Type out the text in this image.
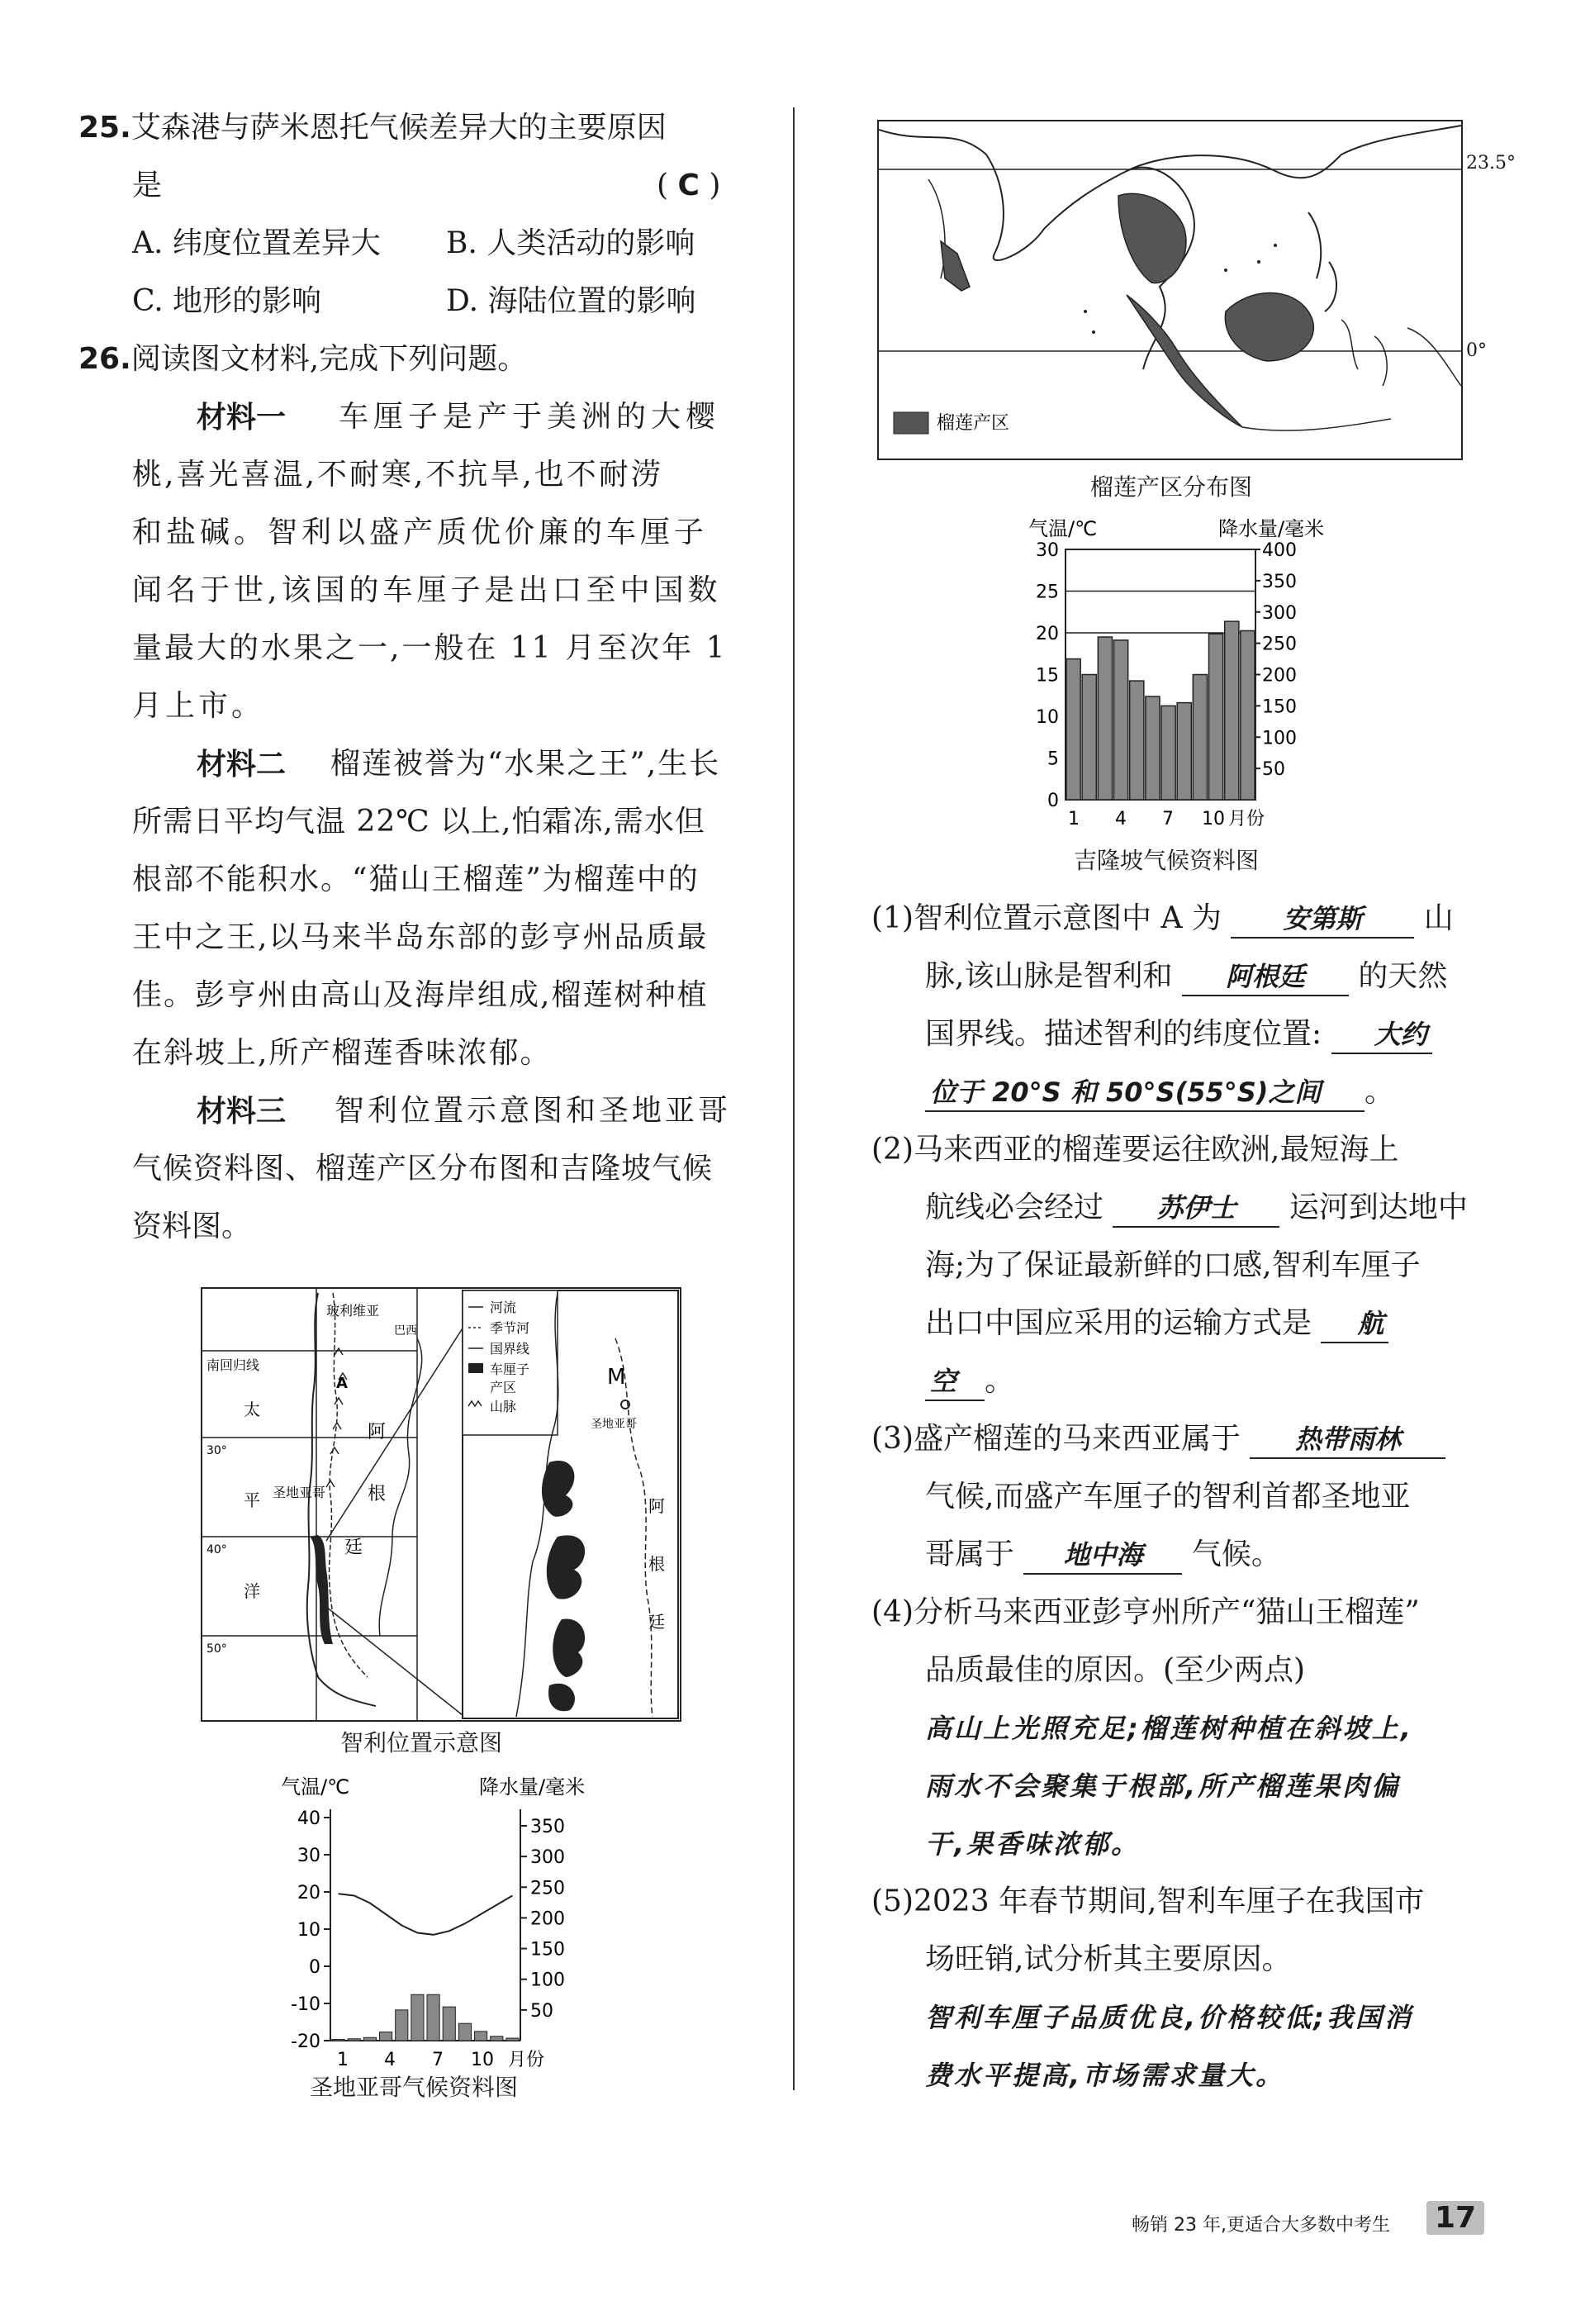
25.艾森港与萨米恩托气候差异大的主要原因
是	( C )
A. 纬度位置差异大 B. 人类活动的影响
C. 地形的影响	D. 海陆位置的影响
26.阅读图文材料,完成下列问题。
材料一 车厘子是产于美洲的大樱
桃,喜光喜温,不耐寒,不抗旱,也不耐涝
和盐碱。智利以盛产质优价廉的车厘子
闻名于世,该国的车厘子是出口至中国数
量最大的水果之一,一般在 11 月至次年 1
月上市。
材料二 榴莲被誉为“水果之王”,生长
所需日平均气温 22℃ 以上,怕霜冻,需水但
根部不能积水。“猫山王榴莲”为榴莲中的
王中之王,以马来半岛东部的彭亨州品质最
佳。彭亨州由高山及海岸组成,榴莲树种植
在斜坡上,所产榴莲香味浓郁。
材料三 智利位置示意图和圣地亚哥
气候资料图、榴莲产区分布图和吉隆坡气候
资料图。
玻利维亚
巴西
南回归线
太
30°
平 圣地亚哥
40°
洋
50°
阿
根
廷
A
河流
季节河
国界线
车厘子
产区
山脉
M
圣地亚哥
阿
根
廷
智利位置示意图
气温/℃	降水量/毫米
40
30
20
10
0
-10
-20
350
300
250
200
150
100
50
1 4 7 10 月份
圣地亚哥气候资料图
榴莲产区
23.5°
0°
榴莲产区分布图
气温/℃	降水量/毫米
30
25
20
15
10
5
0
400
350
300
250
200
150
100
50
1 4 7 10 月份
吉隆坡气候资料图
(1)智利位置示意图中 A 为 安第斯 山
脉,该山脉是智利和 阿根廷 的天然
国界线。描述智利的纬度位置: 大约
位于 20°S 和 50°S(55°S)之间 。
(2)马来西亚的榴莲要运往欧洲,最短海上
航线必会经过 苏伊士 运河到达地中
海;为了保证最新鲜的口感,智利车厘子
出口中国应采用的运输方式是 航
空 。
(3)盛产榴莲的马来西亚属于 热带雨林
气候,而盛产车厘子的智利首都圣地亚
哥属于 地中海 气候。
(4)分析马来西亚彭亨州所产“猫山王榴莲”
品质最佳的原因。(至少两点)
高山上光照充足;榴莲树种植在斜坡上,
雨水不会聚集于根部,所产榴莲果肉偏
干,果香味浓郁。
(5)2023 年春节期间,智利车厘子在我国市
场旺销,试分析其主要原因。
智利车厘子品质优良,价格较低;我国消
费水平提高,市场需求量大。
畅销 23 年,更适合大多数中考生 17
